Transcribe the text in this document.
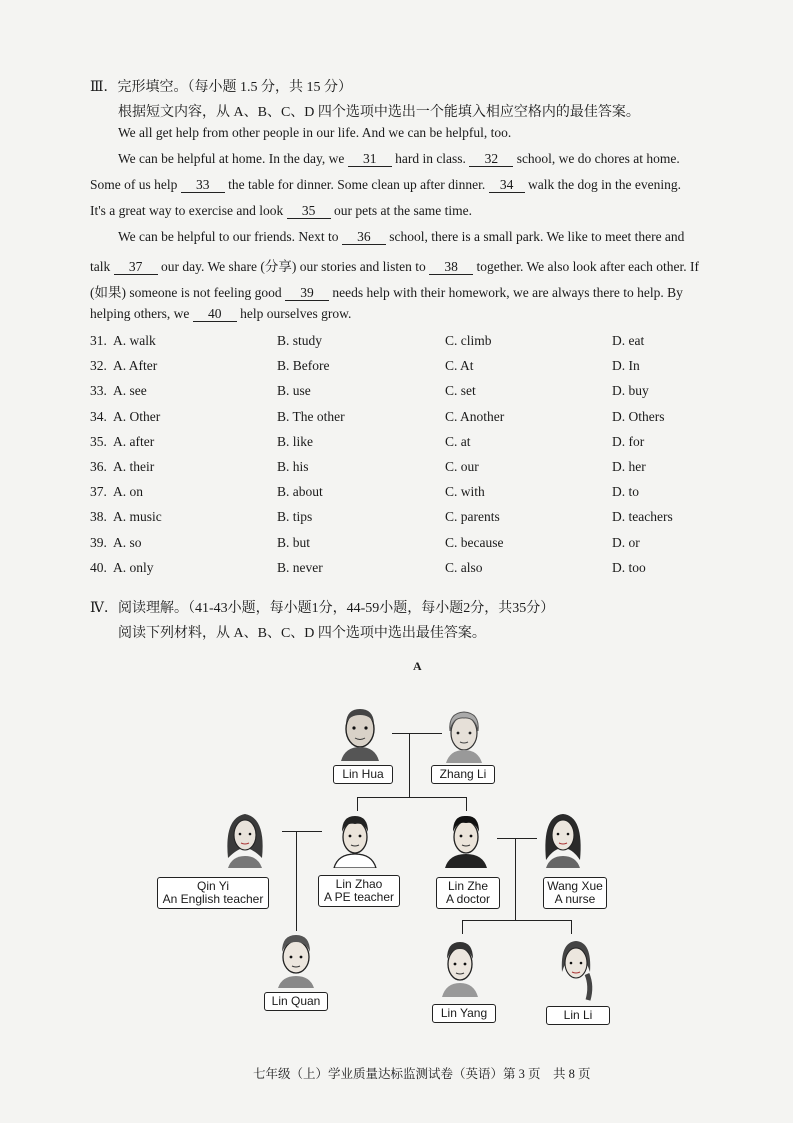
Ⅲ．完形填空。（每小题 1.5 分，共 15 分）
根据短文内容，从 A、B、C、D 四个选项中选出一个能填入相应空格内的最佳答案。
We all get help from other people in our life. And we can be helpful, too.
We can be helpful at home. In the day, we 31 hard in class. 32 school, we do chores at home.
Some of us help 33 the table for dinner. Some clean up after dinner. 34 walk the dog in the evening.
It's a great way to exercise and look 35 our pets at the same time.
We can be helpful to our friends. Next to 36 school, there is a small park. We like to meet there and
talk 37 our day. We share (分享) our stories and listen to 38 together. We also look after each other. If
(如果) someone is not feeling good 39 needs help with their homework, we are always there to help. By
helping others, we 40 help ourselves grow.
31. A. walk	B. study	C. climb	D. eat
32. A. After	B. Before	C. At	D. In
33. A. see	B. use	C. set	D. buy
34. A. Other	B. The other	C. Another	D. Others
35. A. after	B. like	C. at	D. for
36. A. their	B. his	C. our	D. her
37. A. on	B. about	C. with	D. to
38. A. music	B. tips	C. parents	D. teachers
39. A. so	B. but	C. because	D. or
40. A. only	B. never	C. also	D. too
Ⅳ．阅读理解。（41-43小题，每小题1分，44-59小题，每小题2分，共35分）
阅读下列材料，从 A、B、C、D 四个选项中选出最佳答案。
A
Lin Hua	Zhang Li
Qin Yi
An English teacher
Lin Zhao
A PE teacher
Lin Zhe
A doctor
Wang Xue
A nurse
Lin Quan
Lin Yang	Lin Li
七年级（上）学业质量达标监测试卷（英语）第 3 页　共 8 页
